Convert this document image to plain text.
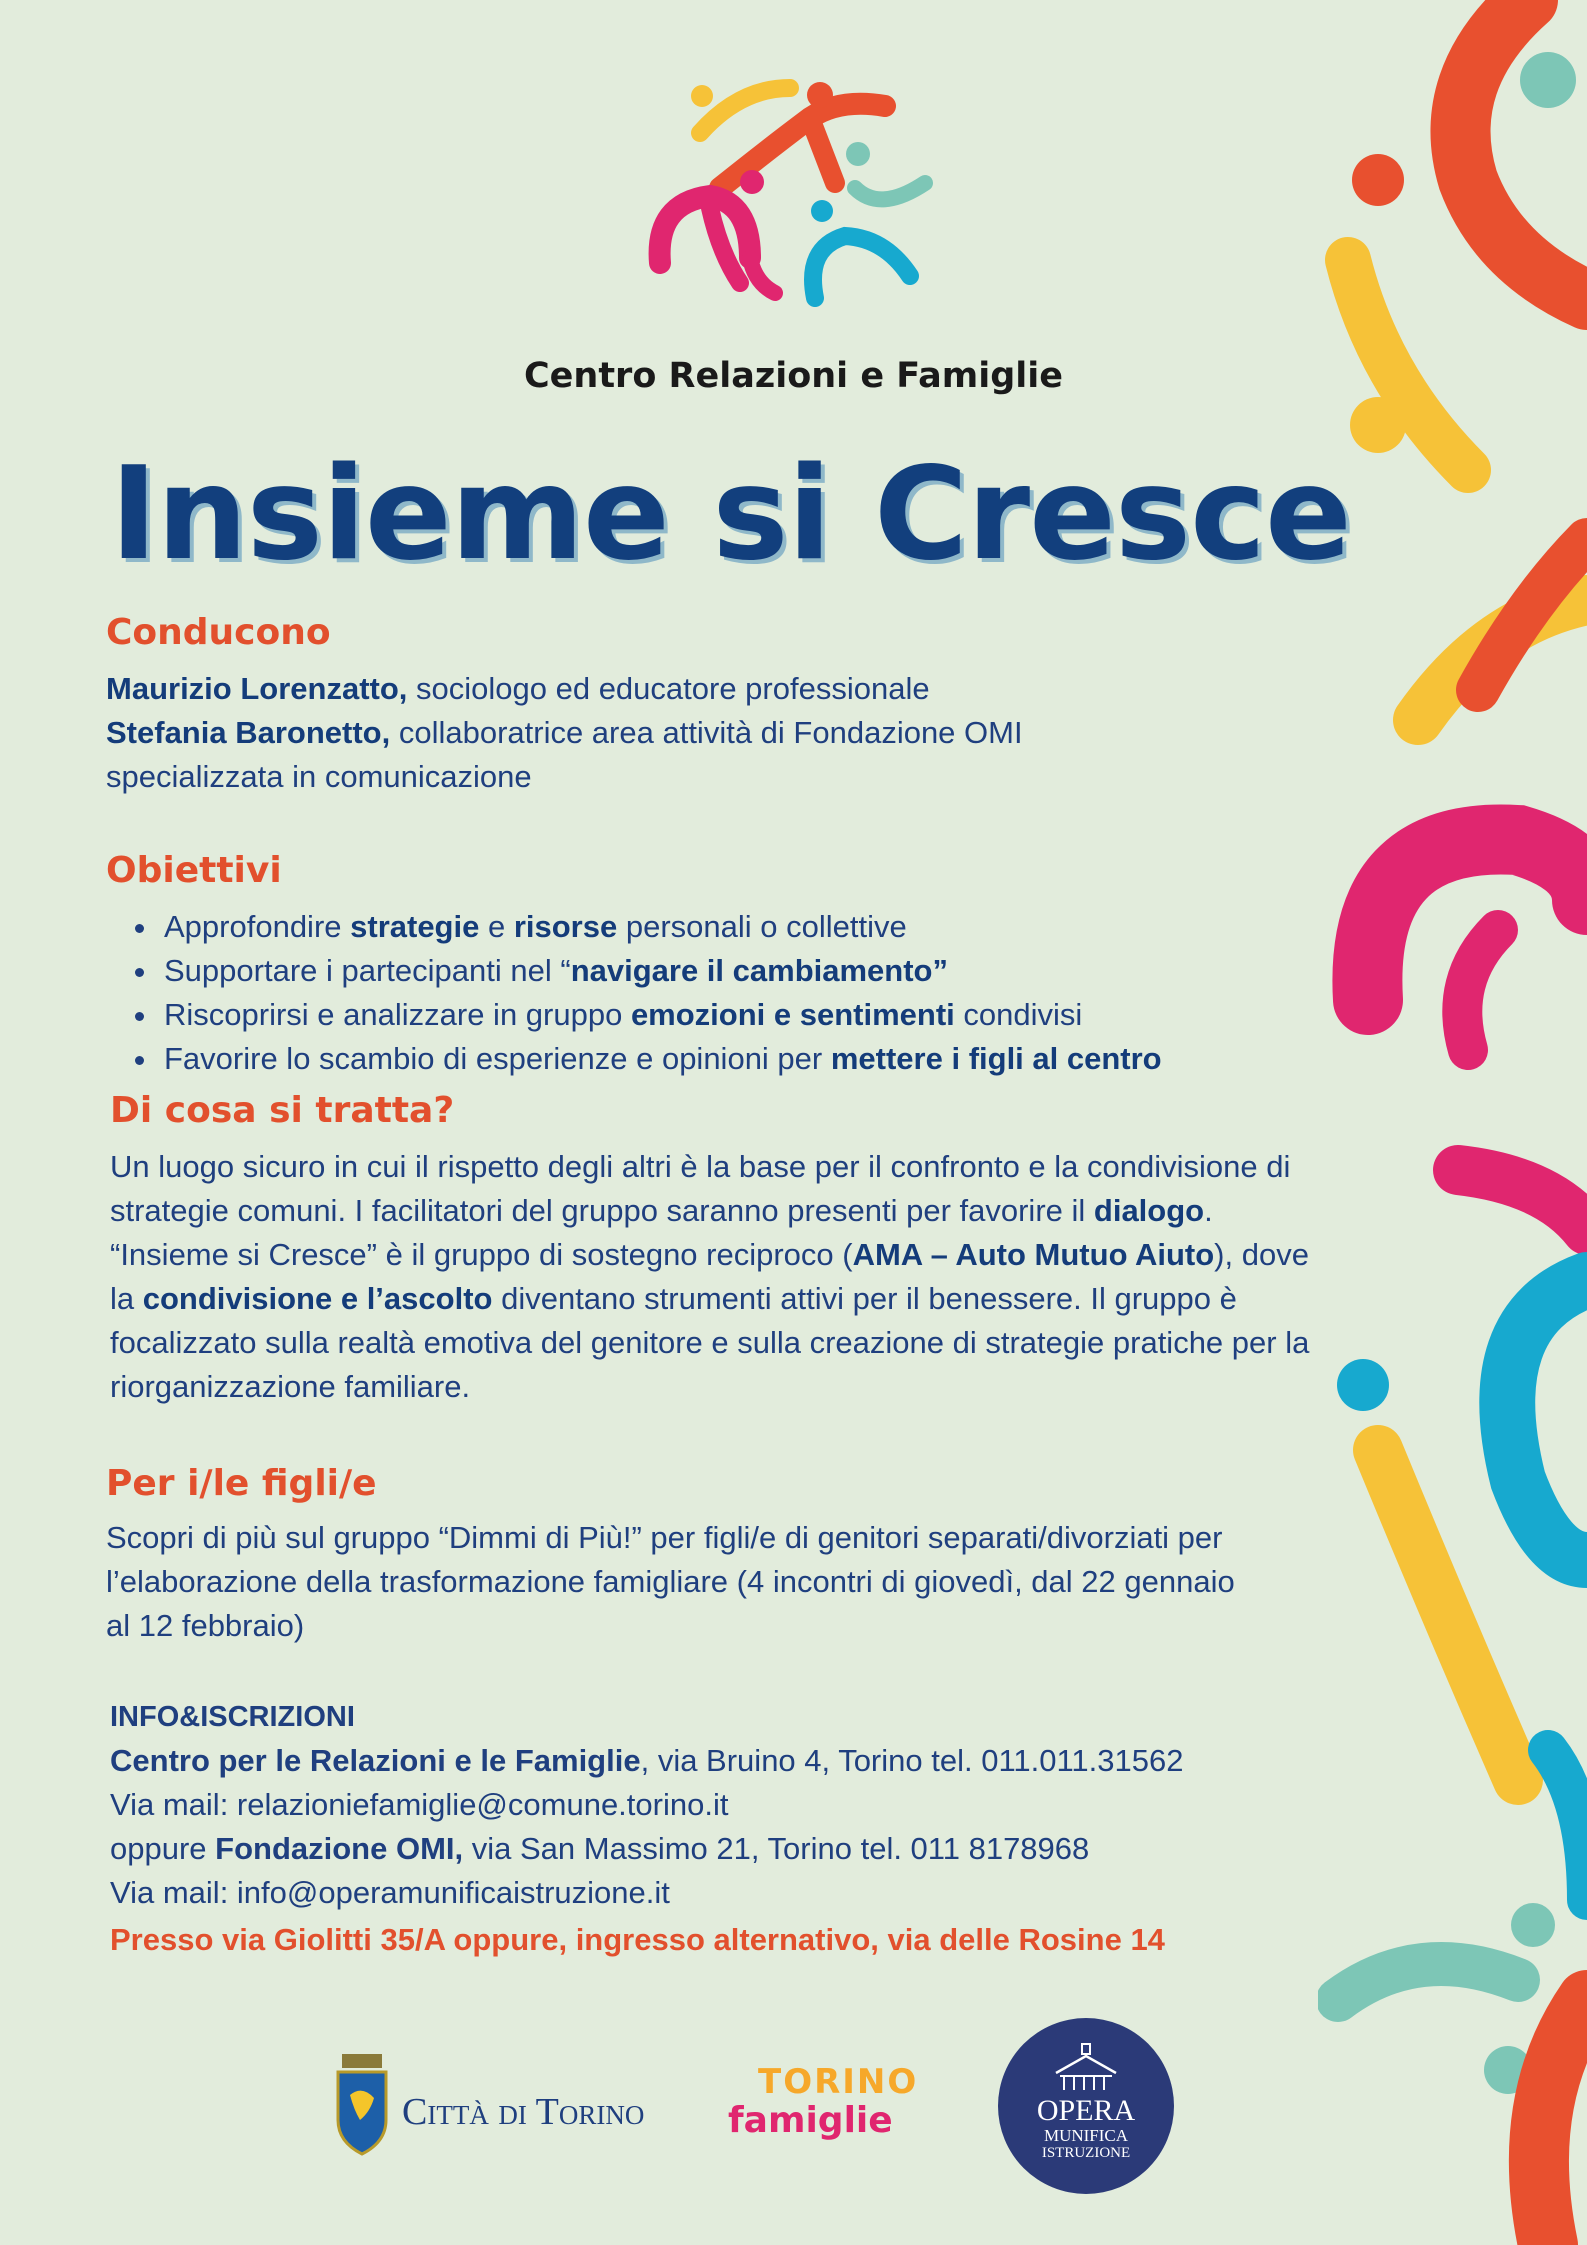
Centro Relazioni e Famiglie
Insieme si Cresce
Conducono
Maurizio Lorenzatto, sociologo ed educatore professionale
Stefania Baronetto, collaboratrice area attività di Fondazione OMI
specializzata in comunicazione
Obiettivi
• Approfondire strategie e risorse personali o collettive
• Supportare i partecipanti nel “navigare il cambiamento”
• Riscoprirsi e analizzare in gruppo emozioni e sentimenti condivisi
• Favorire lo scambio di esperienze e opinioni per mettere i figli al centro
Di cosa si tratta?
Un luogo sicuro in cui il rispetto degli altri è la base per il confronto e la condivisione di strategie comuni. I facilitatori del gruppo saranno presenti per favorire il dialogo. “Insieme si Cresce” è il gruppo di sostegno reciproco (AMA – Auto Mutuo Aiuto), dove la condivisione e l’ascolto diventano strumenti attivi per il benessere. Il gruppo è focalizzato sulla realtà emotiva del genitore e sulla creazione di strategie pratiche per la riorganizzazione familiare.
Per i/le figli/e
Scopri di più sul gruppo “Dimmi di Più!” per figli/e di genitori separati/divorziati per l’elaborazione della trasformazione famigliare (4 incontri di giovedì, dal 22 gennaio al 12 febbraio)
INFO&ISCRIZIONI
Centro per le Relazioni e le Famiglie, via Bruino 4, Torino tel. 011.011.31562
Via mail: relazioniefamiglie@comune.torino.it
oppure Fondazione OMI, via San Massimo 21, Torino tel. 011 8178968
Via mail: info@operamunificaistruzione.it
Presso via Giolitti 35/A oppure, ingresso alternativo, via delle Rosine 14
Città di Torino
TORINO
famiglie	OPERA
MUNIFICA
ISTRUZIONE
